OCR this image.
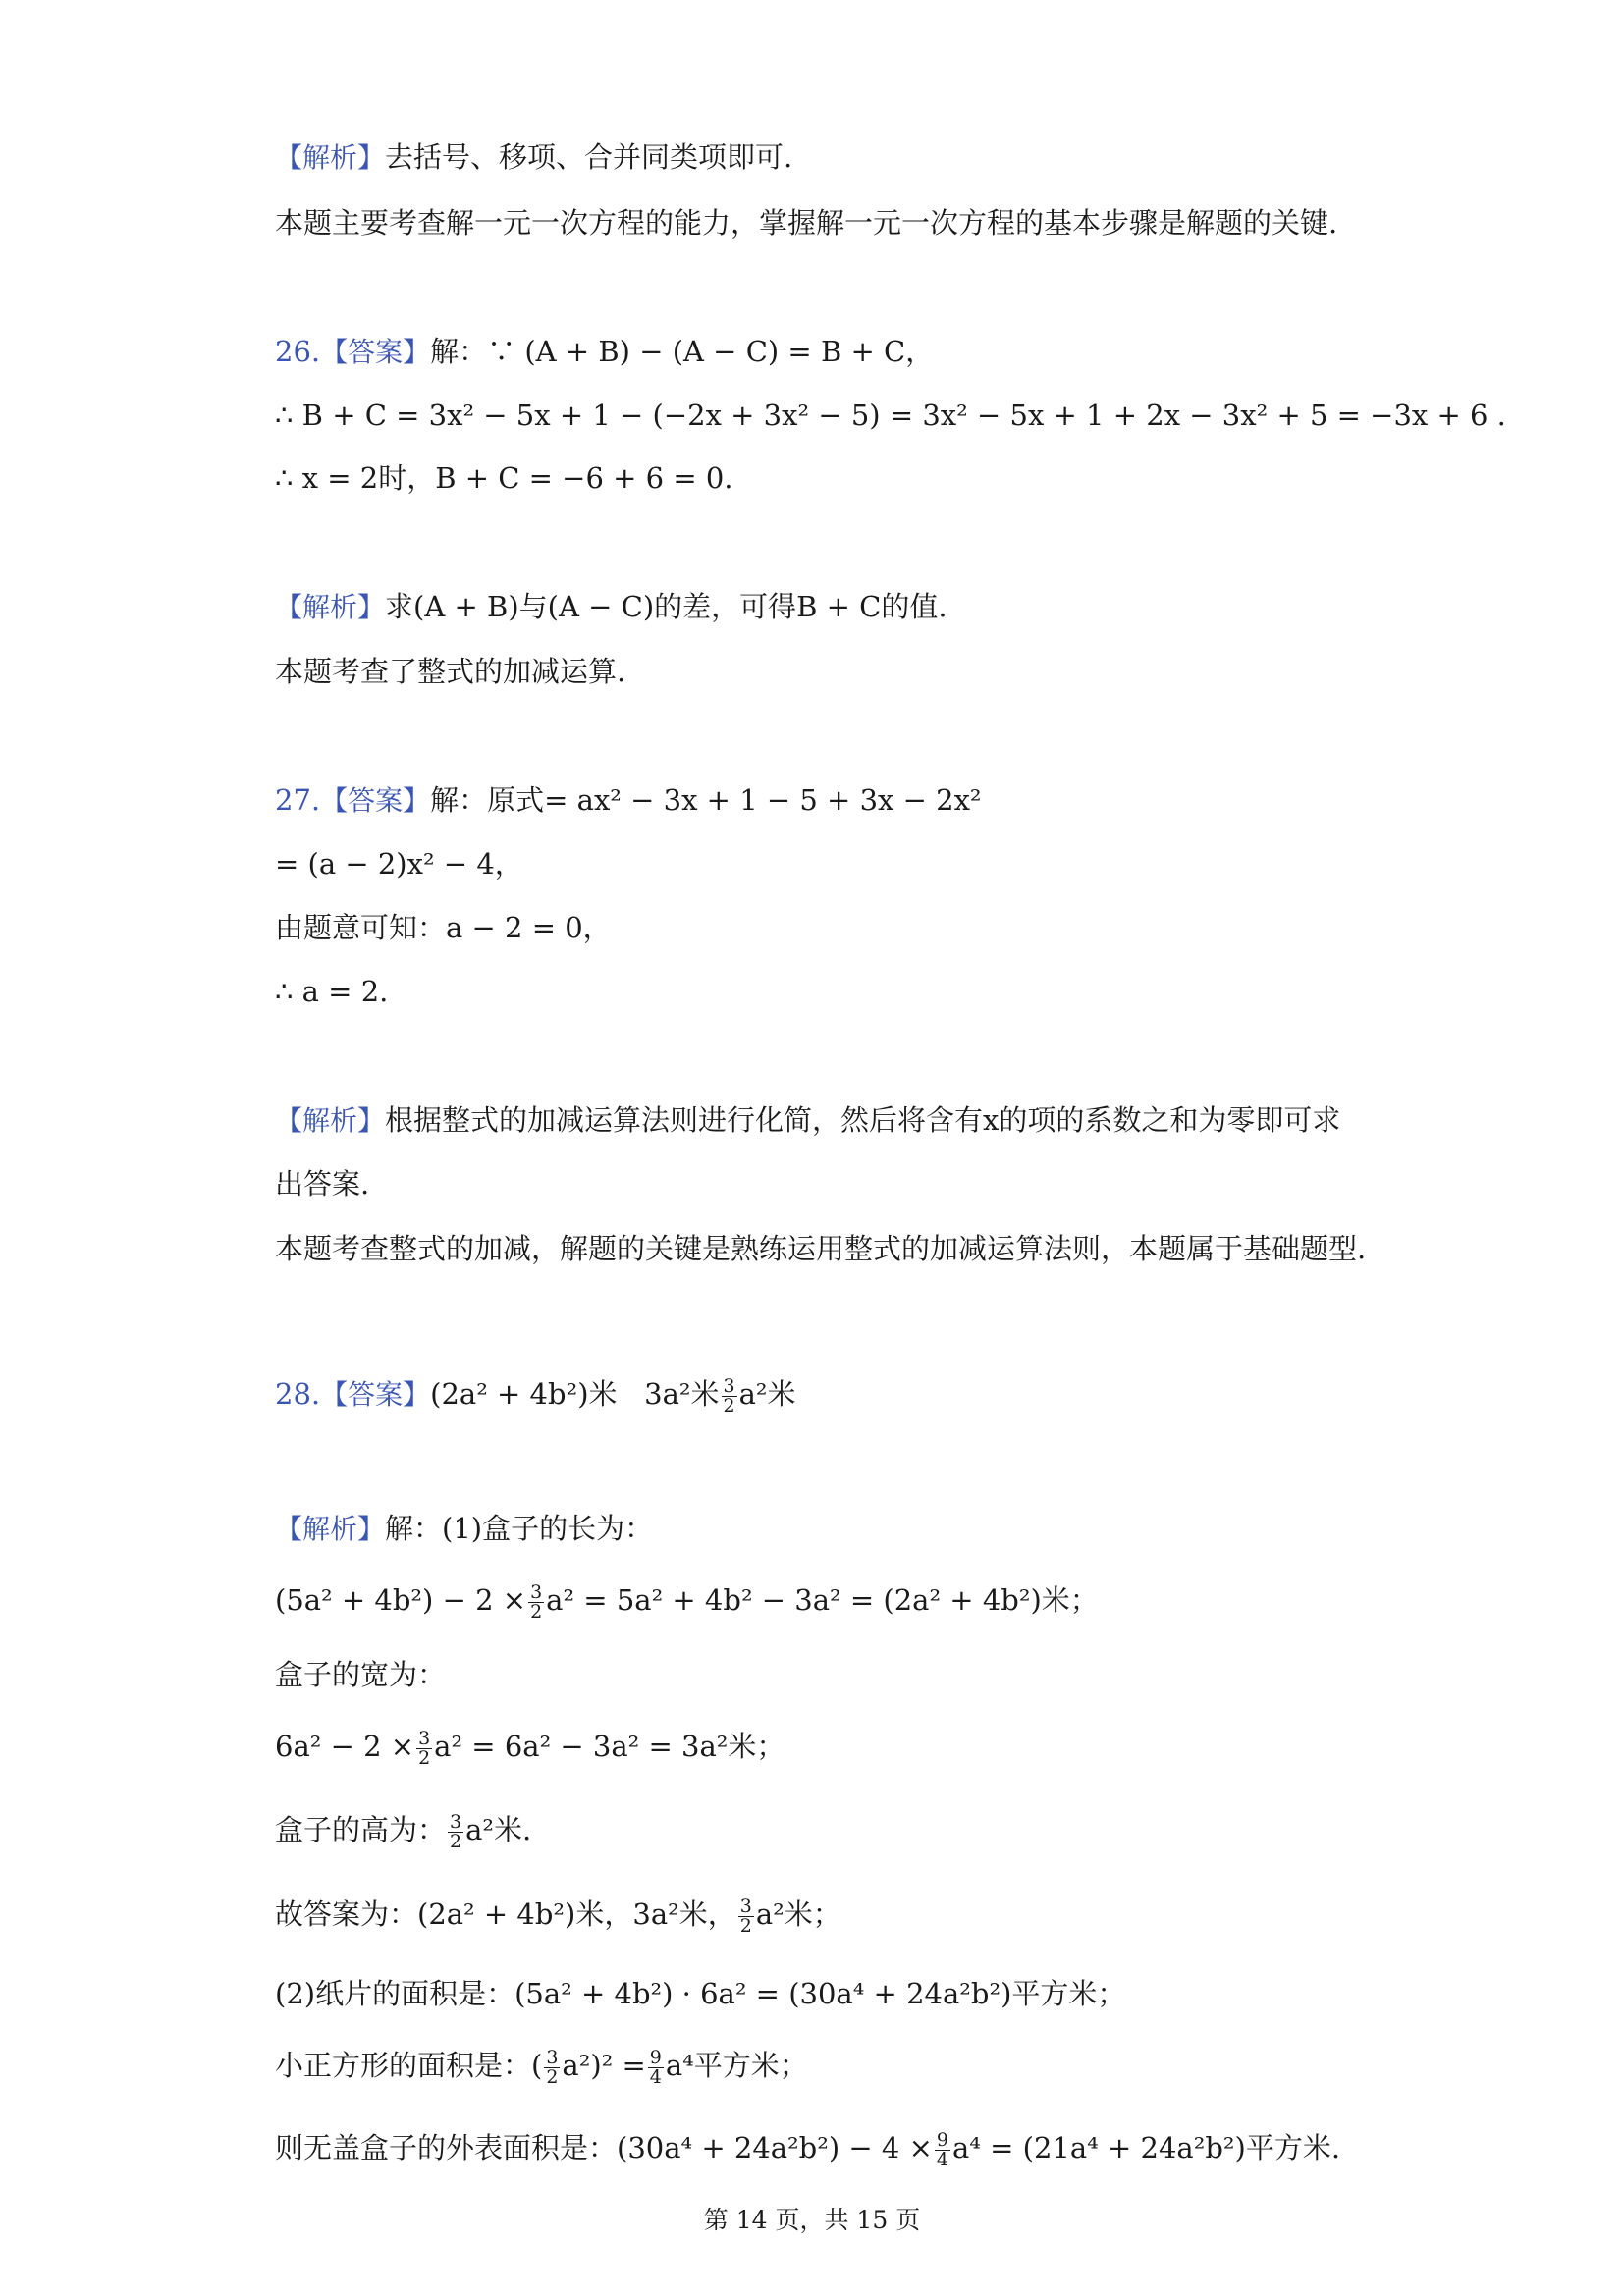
【解析】去括号、移项、合并同类项即可.
本题主要考查解一元一次方程的能力，掌握解一元一次方程的基本步骤是解题的关键.
26.【答案】解：∵ (A + B) − (A − C) = B + C，
∴ B + C = 3x² − 5x + 1 − (−2x + 3x² − 5) = 3x² − 5x + 1 + 2x − 3x² + 5 = −3x + 6 .
∴ x = 2时，B + C = −6 + 6 = 0.
【解析】求(A + B)与(A − C)的差，可得B + C的值.
本题考查了整式的加减运算.
27.【答案】解：原式= ax² − 3x + 1 − 5 + 3x − 2x²
= (a − 2)x² − 4，
由题意可知：a − 2 = 0，
∴ a = 2.
【解析】根据整式的加减运算法则进行化简，然后将含有x的项的系数之和为零即可求
出答案.
本题考查整式的加减，解题的关键是熟练运用整式的加减运算法则，本题属于基础题型.
28.【答案】(2a² + 4b²)米 3a²米 $\frac{3}{2} a^2$米
【解析】解：(1)盒子的长为：
$(5a^2 + 4b^2) - 2 \times \frac{3}{2} a^2 = 5a^2 + 4b^2 - 3a^2 = (2a^2 + 4b^2)$米；
盒子的宽为：
$6a^2 - 2 \times \frac{3}{2} a^2 = 6a^2 - 3a^2 = 3a^2$米；
盒子的高为： $\frac{3}{2} a^2$米.
故答案为：(2a² + 4b²)米，3a²米， $\frac{3}{2} a^2$米；
(2)纸片的面积是：(5a² + 4b²) · 6a² = (30a⁴ + 24a²b²)平方米；
小正方形的面积是：( $\frac{3}{2} a^2)^2 = \frac{9}{4} a^4$平方米；
则无盖盒子的外表面积是：$(30a^4 + 24a^2b^2) - 4 \times \frac{9}{4} a^4 = (21a^4 + 24a^2b^2)$平方米.
第 14 页，共 15 页
